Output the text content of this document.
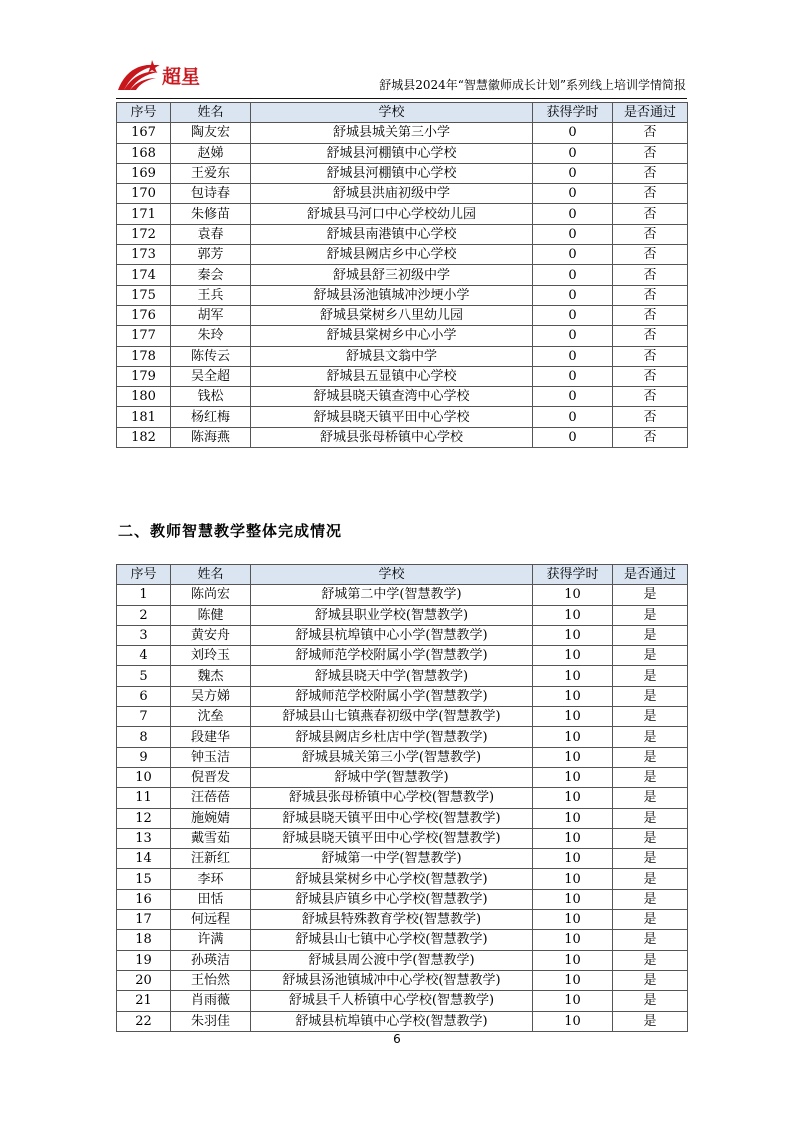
超星	舒城县2024年“智慧徽师成长计划”系列线上培训学情简报
序号	姓名	学校	获得学时	是否通过
167	陶友宏	舒城县城关第三小学	0	否
168	赵娣	舒城县河棚镇中心学校	0	否
169	王爱东	舒城县河棚镇中心学校	0	否
170	包诗春	舒城县洪庙初级中学	0	否
171	朱修苗	舒城县马河口中心学校幼儿园	0	否
172	袁春	舒城县南港镇中心学校	0	否
173	郭芳	舒城县阙店乡中心学校	0	否
174	秦会	舒城县舒三初级中学	0	否
175	王兵	舒城县汤池镇城冲沙埂小学	0	否
176	胡军	舒城县棠树乡八里幼儿园	0	否
177	朱玲	舒城县棠树乡中心小学	0	否
178	陈传云	舒城县文翁中学	0	否
179	吴全超	舒城县五显镇中心学校	0	否
180	钱松	舒城县晓天镇查湾中心学校	0	否
181	杨红梅	舒城县晓天镇平田中心学校	0	否
182	陈海燕	舒城县张母桥镇中心学校	0	否
二、教师智慧教学整体完成情况
序号	姓名	学校	获得学时	是否通过
1	陈尚宏	舒城第二中学(智慧教学)	10	是
2	陈健	舒城县职业学校(智慧教学)	10	是
3	黄安舟	舒城县杭埠镇中心小学(智慧教学)	10	是
4	刘玲玉	舒城师范学校附属小学(智慧教学)	10	是
5	魏杰	舒城县晓天中学(智慧教学)	10	是
6	吴方娣	舒城师范学校附属小学(智慧教学)	10	是
7	沈垒	舒城县山七镇燕春初级中学(智慧教学)	10	是
8	段建华	舒城县阙店乡杜店中学(智慧教学)	10	是
9	钟玉洁	舒城县城关第三小学(智慧教学)	10	是
10	倪晋发	舒城中学(智慧教学)	10	是
11	汪蓓蓓	舒城县张母桥镇中心学校(智慧教学)	10	是
12	施婉婧	舒城县晓天镇平田中心学校(智慧教学)	10	是
13	戴雪茹	舒城县晓天镇平田中心学校(智慧教学)	10	是
14	汪新红	舒城第一中学(智慧教学)	10	是
15	李环	舒城县棠树乡中心学校(智慧教学)	10	是
16	田恬	舒城县庐镇乡中心学校(智慧教学)	10	是
17	何远程	舒城县特殊教育学校(智慧教学)	10	是
18	许满	舒城县山七镇中心学校(智慧教学)	10	是
19	孙瑛洁	舒城县周公渡中学(智慧教学)	10	是
20	王怡然	舒城县汤池镇城冲中心学校(智慧教学)	10	是
21	肖雨薇	舒城县千人桥镇中心学校(智慧教学)	10	是
22	朱羽佳	舒城县杭埠镇中心学校(智慧教学)	10	是
6
